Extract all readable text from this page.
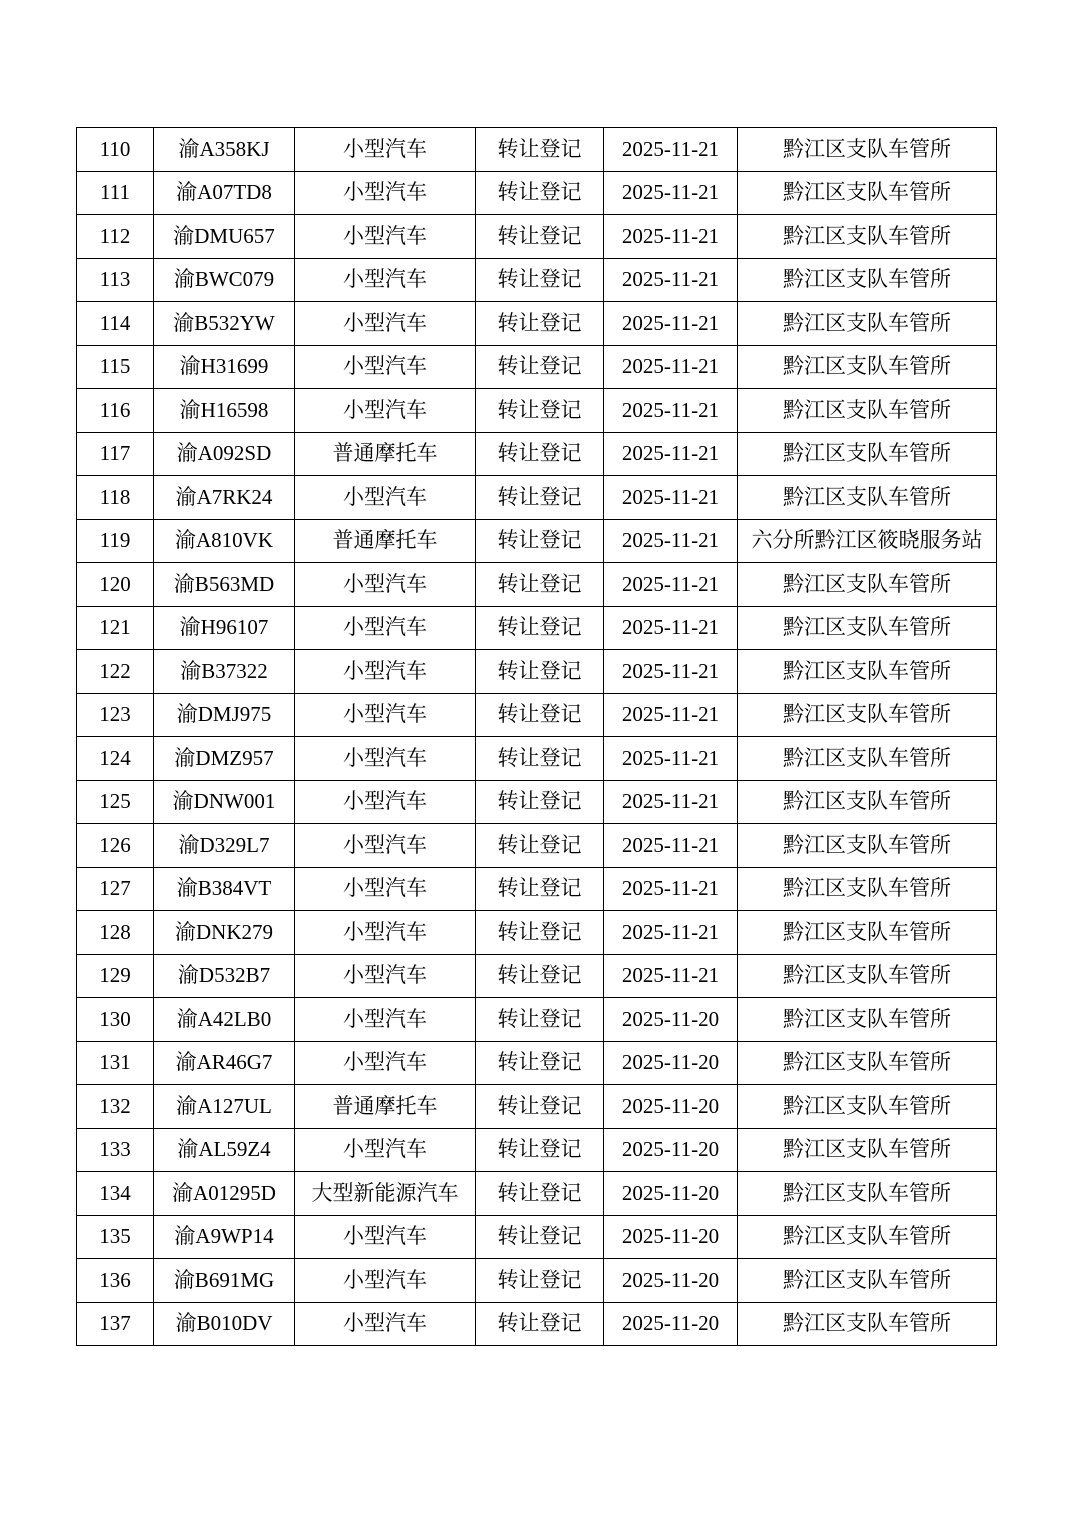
110	渝A358KJ	小型汽车	转让登记	2025-11-21	黔江区支队车管所
111	渝A07TD8	小型汽车	转让登记	2025-11-21	黔江区支队车管所
112	渝DMU657	小型汽车	转让登记	2025-11-21	黔江区支队车管所
113	渝BWC079	小型汽车	转让登记	2025-11-21	黔江区支队车管所
114	渝B532YW	小型汽车	转让登记	2025-11-21	黔江区支队车管所
115	渝H31699	小型汽车	转让登记	2025-11-21	黔江区支队车管所
116	渝H16598	小型汽车	转让登记	2025-11-21	黔江区支队车管所
117	渝A092SD	普通摩托车	转让登记	2025-11-21	黔江区支队车管所
118	渝A7RK24	小型汽车	转让登记	2025-11-21	黔江区支队车管所
119	渝A810VK	普通摩托车	转让登记	2025-11-21	六分所黔江区筱晓服务站
120	渝B563MD	小型汽车	转让登记	2025-11-21	黔江区支队车管所
121	渝H96107	小型汽车	转让登记	2025-11-21	黔江区支队车管所
122	渝B37322	小型汽车	转让登记	2025-11-21	黔江区支队车管所
123	渝DMJ975	小型汽车	转让登记	2025-11-21	黔江区支队车管所
124	渝DMZ957	小型汽车	转让登记	2025-11-21	黔江区支队车管所
125	渝DNW001	小型汽车	转让登记	2025-11-21	黔江区支队车管所
126	渝D329L7	小型汽车	转让登记	2025-11-21	黔江区支队车管所
127	渝B384VT	小型汽车	转让登记	2025-11-21	黔江区支队车管所
128	渝DNK279	小型汽车	转让登记	2025-11-21	黔江区支队车管所
129	渝D532B7	小型汽车	转让登记	2025-11-21	黔江区支队车管所
130	渝A42LB0	小型汽车	转让登记	2025-11-20	黔江区支队车管所
131	渝AR46G7	小型汽车	转让登记	2025-11-20	黔江区支队车管所
132	渝A127UL	普通摩托车	转让登记	2025-11-20	黔江区支队车管所
133	渝AL59Z4	小型汽车	转让登记	2025-11-20	黔江区支队车管所
134	渝A01295D	大型新能源汽车	转让登记	2025-11-20	黔江区支队车管所
135	渝A9WP14	小型汽车	转让登记	2025-11-20	黔江区支队车管所
136	渝B691MG	小型汽车	转让登记	2025-11-20	黔江区支队车管所
137	渝B010DV	小型汽车	转让登记	2025-11-20	黔江区支队车管所
